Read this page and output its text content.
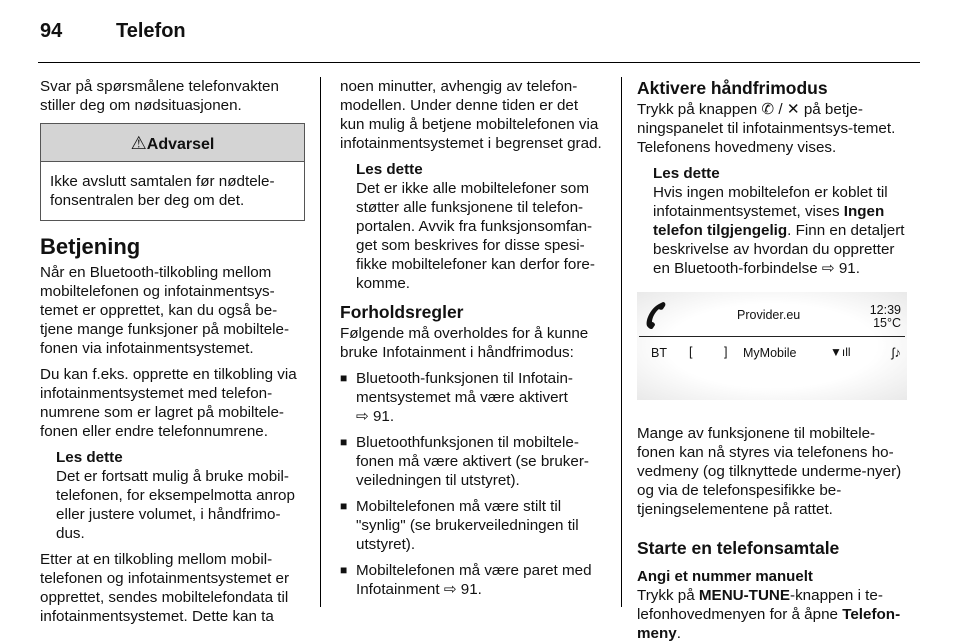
94	Telefon

Svar på spørsmålene telefonvakten stiller deg om nødsituasjonen.

⚠Advarsel
Ikke avslutt samtalen før nødtele-fonsentralen ber deg om det.
Betjening

Når en Bluetooth-tilkobling mellom mobiltelefonen og infotainmentsys-temet er opprettet, kan du også be-tjene mange funksjoner på mobiltele-fonen via infotainmentsystemet.

Du kan f.eks. opprette en tilkobling via infotainmentsystemet med telefon-numrene som er lagret på mobiltele-fonen eller endre telefonnumrene.

Les dette
Det er fortsatt mulig å bruke mobil-telefonen, for eksempelmotta anrop eller justere volumet, i håndfrimo-dus.

Etter at en tilkobling mellom mobil-telefonen og infotainmentsystemet er opprettet, sendes mobiltelefondata til infotainmentsystemet. Dette kan ta

noen minutter, avhengig av telefon-modellen. Under denne tiden er det kun mulig å betjene mobiltelefonen via infotainmentsystemet i begrenset grad.

Les dette
Det er ikke alle mobiltelefoner som støtter alle funksjonene til telefon-portalen. Avvik fra funksjonsomfan-get som beskrives for disse spesi-fikke mobiltelefoner kan derfor fore-komme.
Forholdsregler

Følgende må overholdes for å kunne bruke Infotainment i håndfrimodus:

■ Bluetooth-funksjonen til Infotain-mentsystemet må være aktivert
⇨ 91.
■ Bluetoothfunksjonen til mobiltele-fonen må være aktivert (se bruker-veiledningen til utstyret).
■ Mobiltelefonen må være stilt til "synlig" (se brukerveiledningen til utstyret).
■ Mobiltelefonen må være paret med Infotainment ⇨ 91.
Aktivere håndfrimodus

Trykk på knappen ✆ / ✕ på betje-ningspanelet til infotainmentsys-temet. Telefonens hovedmeny vises.

Les dette
Hvis ingen mobiltelefon er koblet til infotainmentsystemet, vises Ingen telefon tilgjengelig. Finn en detaljert beskrivelse av hvordan du oppretter en Bluetooth-forbindelse ⇨ 91.
Provider.eu	12:39
15°C
BT [ ] MyMobile	▼ıll	ʃ♪

Mange av funksjonene til mobiltele-fonen kan nå styres via telefonens ho-vedmeny (og tilknyttede underme-nyer) og via de telefonspesifikke be-tjeningselementene på rattet.

Starte en telefonsamtale
Angi et nummer manuelt

Trykk på MENU-TUNE-knappen i te-lefonhovedmenyen for å åpne Telefon-meny.
